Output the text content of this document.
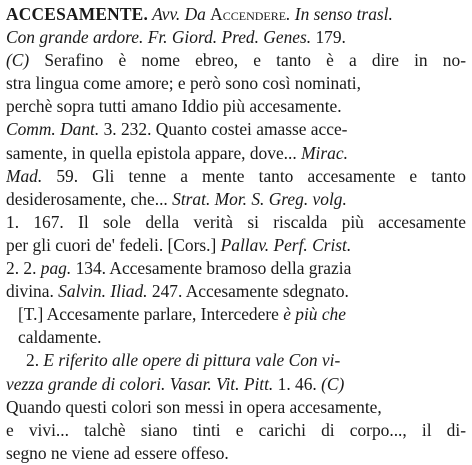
ACCESAMENTE. Avv. Da Accendere. In senso trasl.
Con grande ardore. Fr. Giord. Pred. Genes. 179.
(C) Serafino è nome ebreo, e tanto è a dire in no-
stra lingua come amore; e però sono così nominati,
perchè sopra tutti amano Iddio più accesamente.
Comm. Dant. 3. 232. Quanto costei amasse acce-
samente, in quella epistola appare, dove... Mirac.
Mad. 59. Gli tenne a mente tanto accesamente e tanto
desiderosamente, che... Strat. Mor. S. Greg. volg.
1. 167. Il sole della verità si riscalda più accesamente
per gli cuori de' fedeli. [Cors.] Pallav. Perf. Crist.
2. 2. pag. 134. Accesamente bramoso della grazia
divina. Salvin. Iliad. 247. Accesamente sdegnato.
[T.] Accesamente parlare, Intercedere è più che
caldamente.
2. E riferito alle opere di pittura vale Con vi-
vezza grande di colori. Vasar. Vit. Pitt. 1. 46. (C)
Quando questi colori son messi in opera accesamente,
e vivi... talchè siano tinti e carichi di corpo..., il di-
segno ne viene ad essere offeso.
